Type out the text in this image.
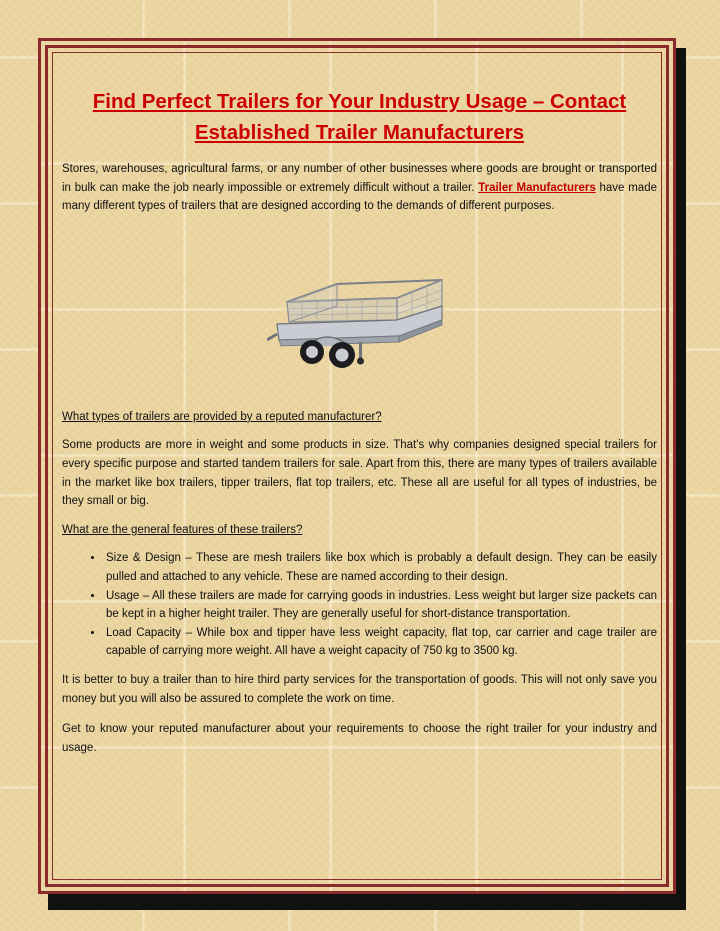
Find Perfect Trailers for Your Industry Usage – Contact Established Trailer Manufacturers

Stores, warehouses, agricultural farms, or any number of other businesses where goods are brought or transported in bulk can make the job nearly impossible or extremely difficult without a trailer. Trailer Manufacturers have made many different types of trailers that are designed according to the demands of different purposes.

What types of trailers are provided by a reputed manufacturer?

Some products are more in weight and some products in size. That's why companies designed special trailers for every specific purpose and started tandem trailers for sale. Apart from this, there are many types of trailers available in the market like box trailers, tipper trailers, flat top trailers, etc. These all are useful for all types of industries, be they small or big.

What are the general features of these trailers?

• Size & Design – These are mesh trailers like box which is probably a default design. They can be easily pulled and attached to any vehicle. These are named according to their design.
• Usage – All these trailers are made for carrying goods in industries. Less weight but larger size packets can be kept in a higher height trailer. They are generally useful for short-distance transportation.
• Load Capacity – While box and tipper have less weight capacity, flat top, car carrier and cage trailer are capable of carrying more weight. All have a weight capacity of 750 kg to 3500 kg.

It is better to buy a trailer than to hire third party services for the transportation of goods. This will not only save you money but you will also be assured to complete the work on time.

Get to know your reputed manufacturer about your requirements to choose the right trailer for your industry and usage.
